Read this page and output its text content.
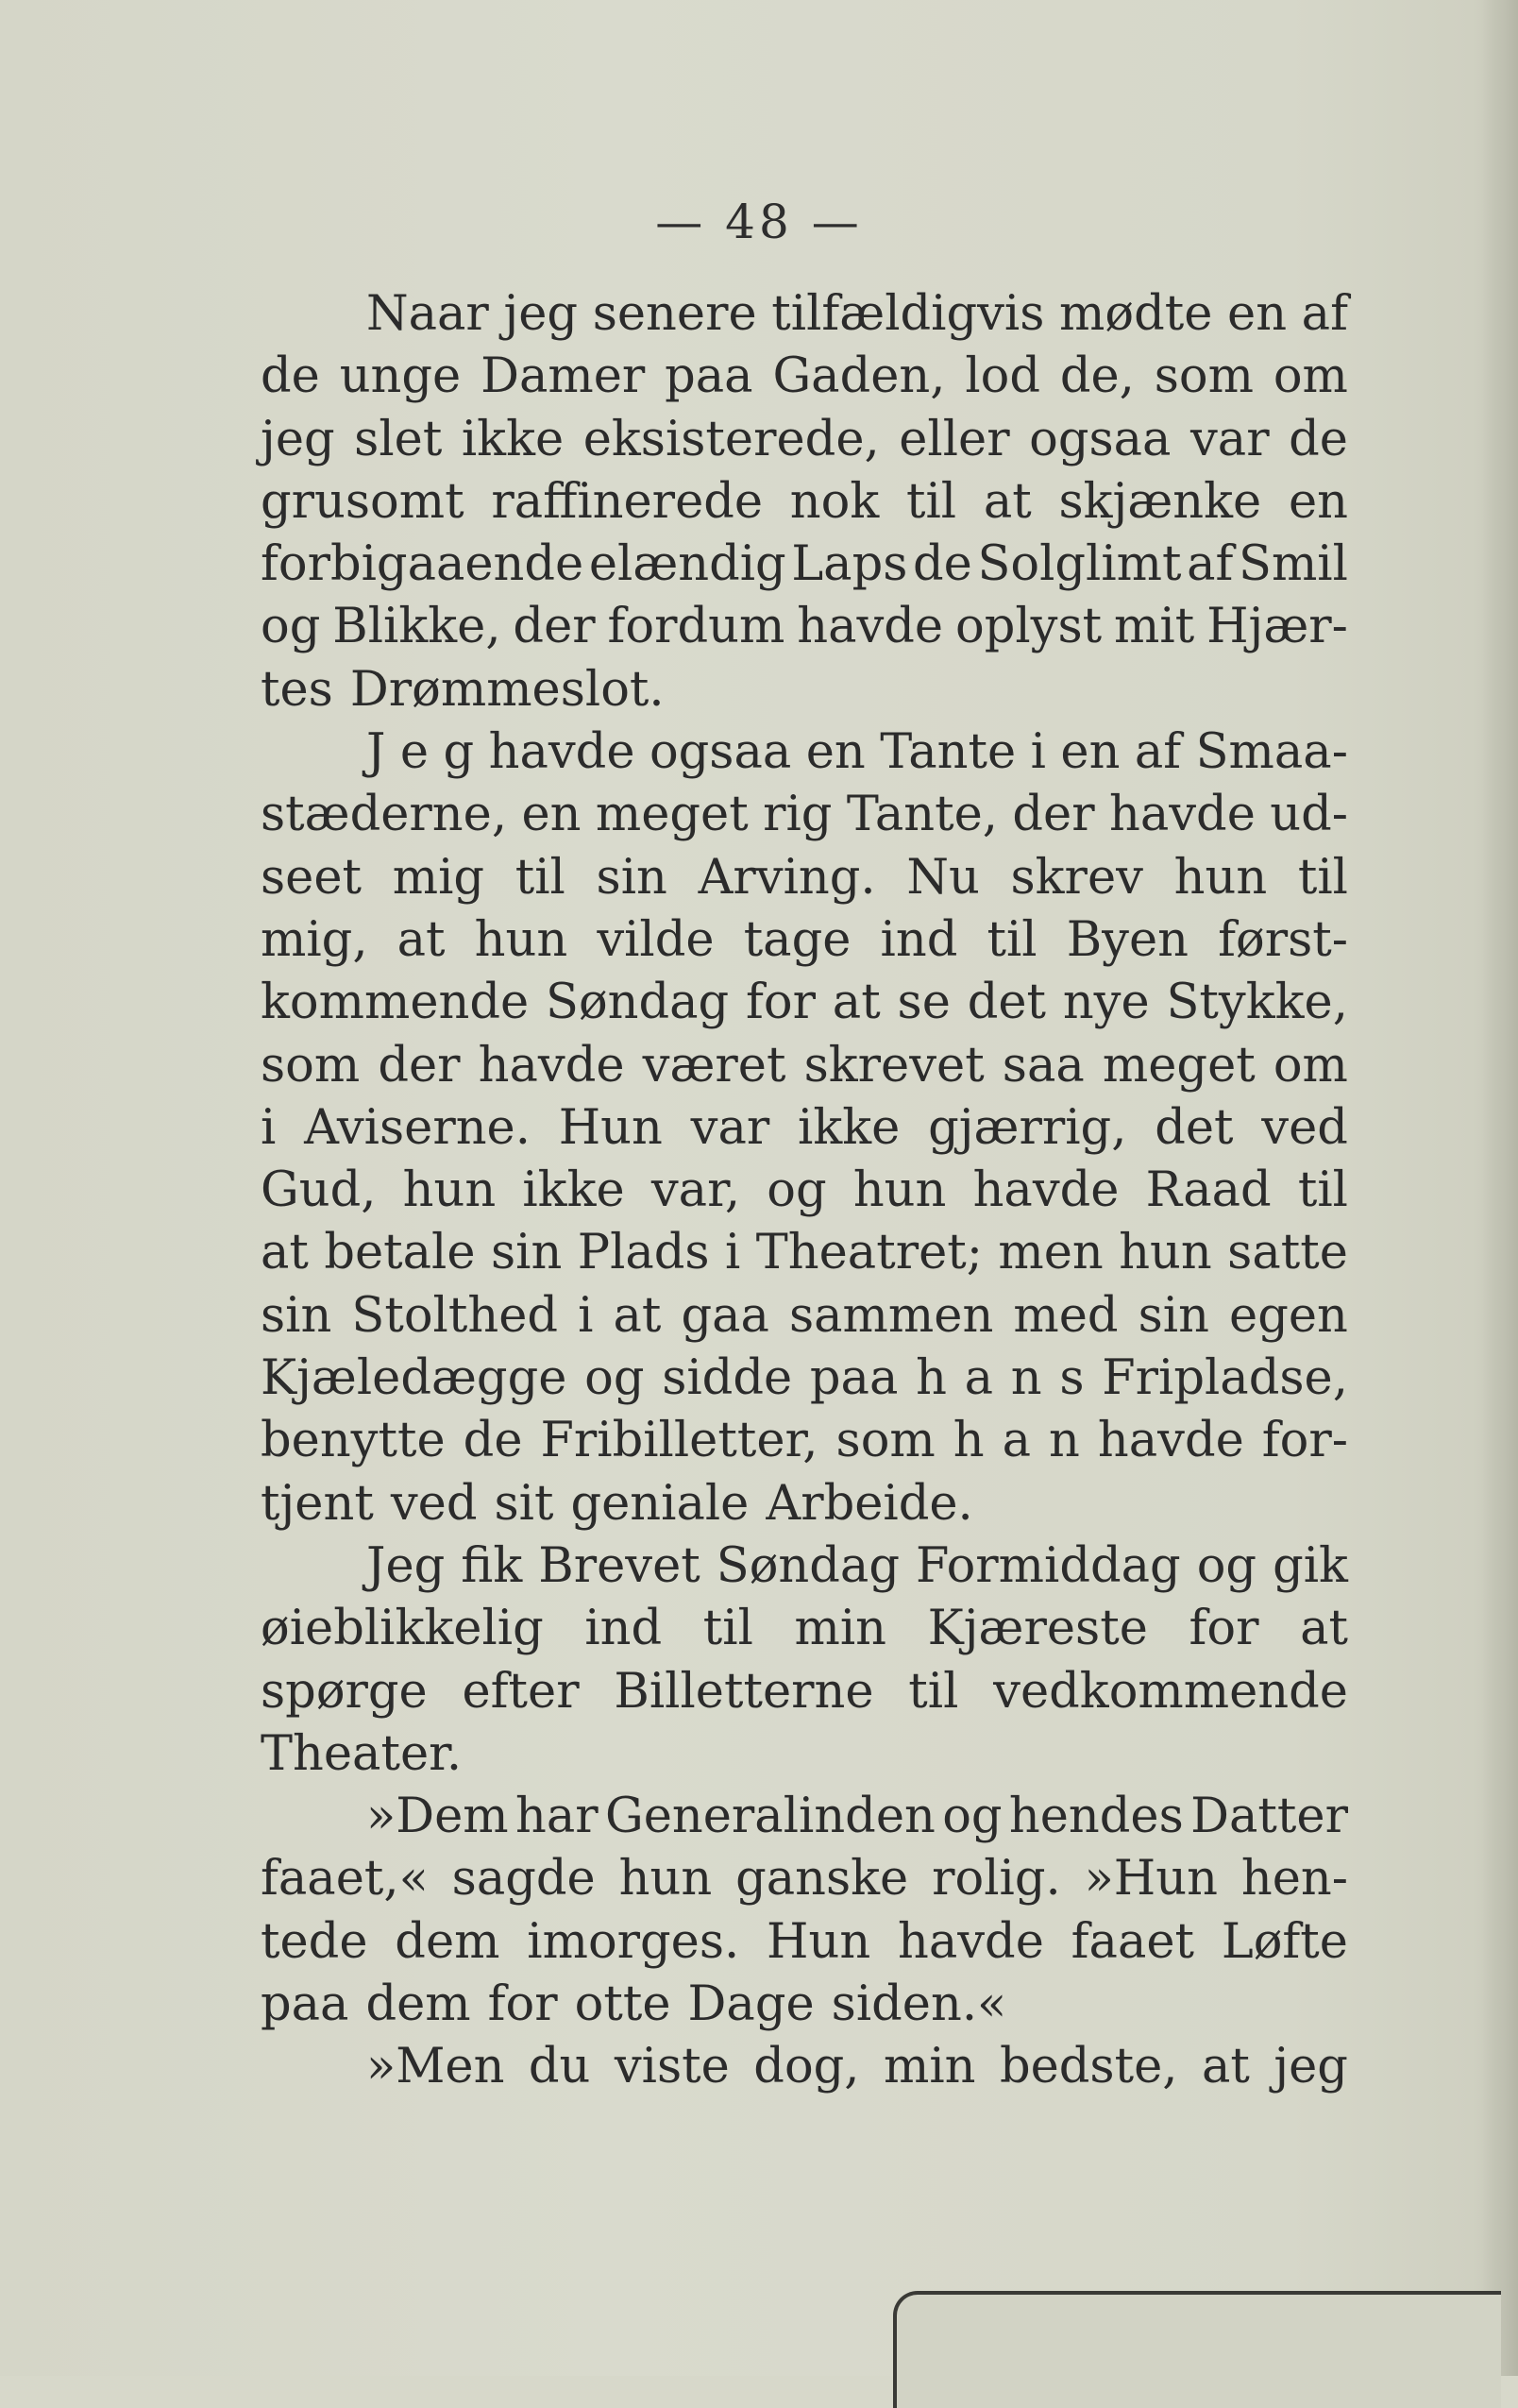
— 48 —

Naar jeg senere tilfældigvis mødte en af
de unge Damer paa Gaden, lod de, som om
jeg slet ikke eksisterede, eller ogsaa var de
grusomt raffinerede nok til at skjænke en
forbigaaende elændig Laps de Solglimt af Smil
og Blikke, der fordum havde oplyst mit Hjær-
tes Drømmeslot.
J e g havde ogsaa en Tante i en af Smaa-
stæderne, en meget rig Tante, der havde ud-
seet mig til sin Arving. Nu skrev hun til
mig, at hun vilde tage ind til Byen først-
kommende Søndag for at se det nye Stykke,
som der havde været skrevet saa meget om
i Aviserne. Hun var ikke gjærrig, det ved
Gud, hun ikke var, og hun havde Raad til
at betale sin Plads i Theatret; men hun satte
sin Stolthed i at gaa sammen med sin egen
Kjæledægge og sidde paa h a n s Fripladse,
benytte de Fribilletter, som h a n havde for-
tjent ved sit geniale Arbeide.
Jeg fik Brevet Søndag Formiddag og gik
øieblikkelig ind til min Kjæreste for at
spørge efter Billetterne til vedkommende
Theater.
»Dem har Generalinden og hendes Datter
faaet,« sagde hun ganske rolig. »Hun hen-
tede dem imorges. Hun havde faaet Løfte
paa dem for otte Dage siden.«
»Men du viste dog, min bedste, at jeg
